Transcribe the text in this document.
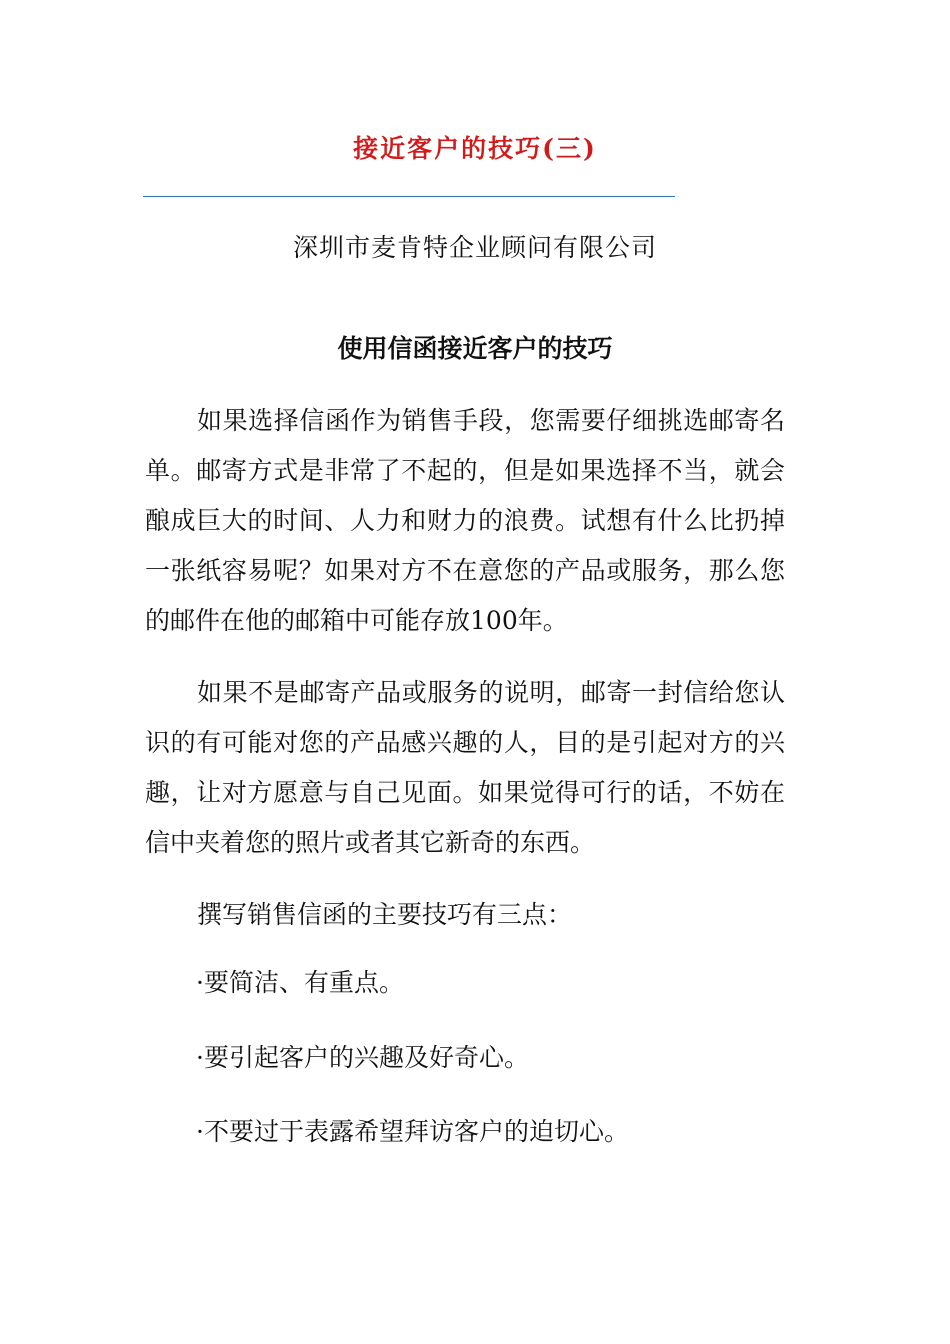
接近客户的技巧(三)
深圳市麦肯特企业顾问有限公司
使用信函接近客户的技巧

如果选择信函作为销售手段，您需要仔细挑选邮寄名单。邮寄方式是非常了不起的，但是如果选择不当，就会酿成巨大的时间、人力和财力的浪费。试想有什么比扔掉一张纸容易呢？如果对方不在意您的产品或服务，那么您的邮件在他的邮箱中可能存放100年。

如果不是邮寄产品或服务的说明，邮寄一封信给您认识的有可能对您的产品感兴趣的人，目的是引起对方的兴趣，让对方愿意与自己见面。如果觉得可行的话，不妨在信中夹着您的照片或者其它新奇的东西。

撰写销售信函的主要技巧有三点：

·要简洁、有重点。

·要引起客户的兴趣及好奇心。

·不要过于表露希望拜访客户的迫切心。
